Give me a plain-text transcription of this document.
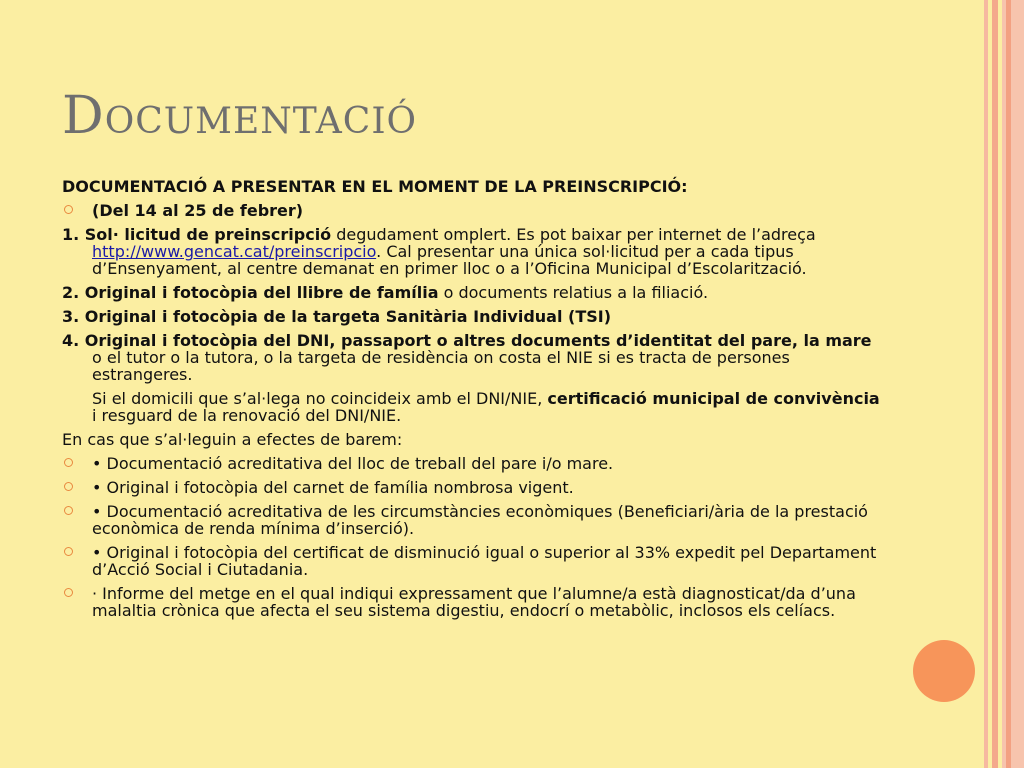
Documentació
DOCUMENTACIÓ A PRESENTAR EN EL MOMENT DE LA PREINSCRIPCIÓ:
(Del 14 al 25 de febrer)
1. Sol· licitud de preinscripció degudament omplert. Es pot baixar per internet de l’adreça http://www.gencat.cat/preinscripcio. Cal presentar una única sol·licitud per a cada tipus d’Ensenyament, al centre demanat en primer lloc o a l’Oficina Municipal d’Escolarització.
2. Original i fotocòpia del llibre de família o documents relatius a la filiació.
3. Original i fotocòpia de la targeta Sanitària Individual (TSI)
4. Original i fotocòpia del DNI, passaport o altres documents d’identitat del pare, la mare o el tutor o la tutora, o la targeta de residència on costa el NIE si es tracta de persones estrangeres.
Si el domicili que s’al·lega no coincideix amb el DNI/NIE, certificació municipal de convivència i resguard de la renovació del DNI/NIE.
En cas que s’al·leguin a efectes de barem:
• Documentació acreditativa del lloc de treball del pare i/o mare.
• Original i fotocòpia del carnet de família nombrosa vigent.
• Documentació acreditativa de les circumstàncies econòmiques (Beneficiari/ària de la prestació econòmica de renda mínima d’inserció).
• Original i fotocòpia del certificat de disminució igual o superior al 33% expedit pel Departament d’Acció Social i Ciutadania.
· Informe del metge en el qual indiqui expressament que l’alumne/a està diagnosticat/da d’una malaltia crònica que afecta el seu sistema digestiu, endocrí o metabòlic, inclosos els celíacs.
